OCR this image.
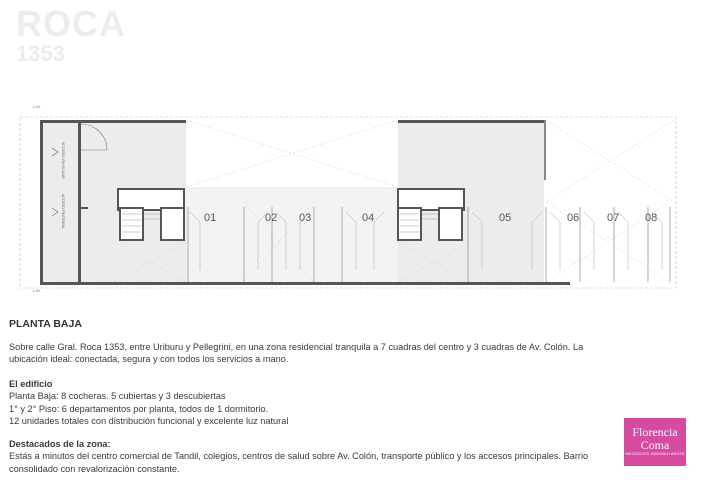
ROCA
1353
L.M.
L.M.
ACCESO VEHICULAR
ACCESO PEATONAL	01	02 03	04	05	06	07 08
PLANTA BAJA

Sobre calle Gral. Roca 1353, entre Uriburu y Pellegrini, en una zona residencial tranquila a 7 cuadras del centro y 3 cuadras de Av. Colón. La

ubicación ideal: conectada, segura y con todos los servicios a mano.

El edificio

Planta Baja: 8 cocheras. 5 cubiertas y 3 descubiertas

1° y 2° Piso: 6 departamentos por planta, todos de 1 dormitorio.

12 unidades totales con distribución funcional y excelente luz natural

Destacados de la zona:

Estás a minutos del centro comercial de Tandil, colegios, centros de salud sobre Av. Colón, transporte público y los accesos principales. Barrio

consolidado con revalorización constante.

Florencia
Coma
NEGOCIOS INMOBILIARIOS
